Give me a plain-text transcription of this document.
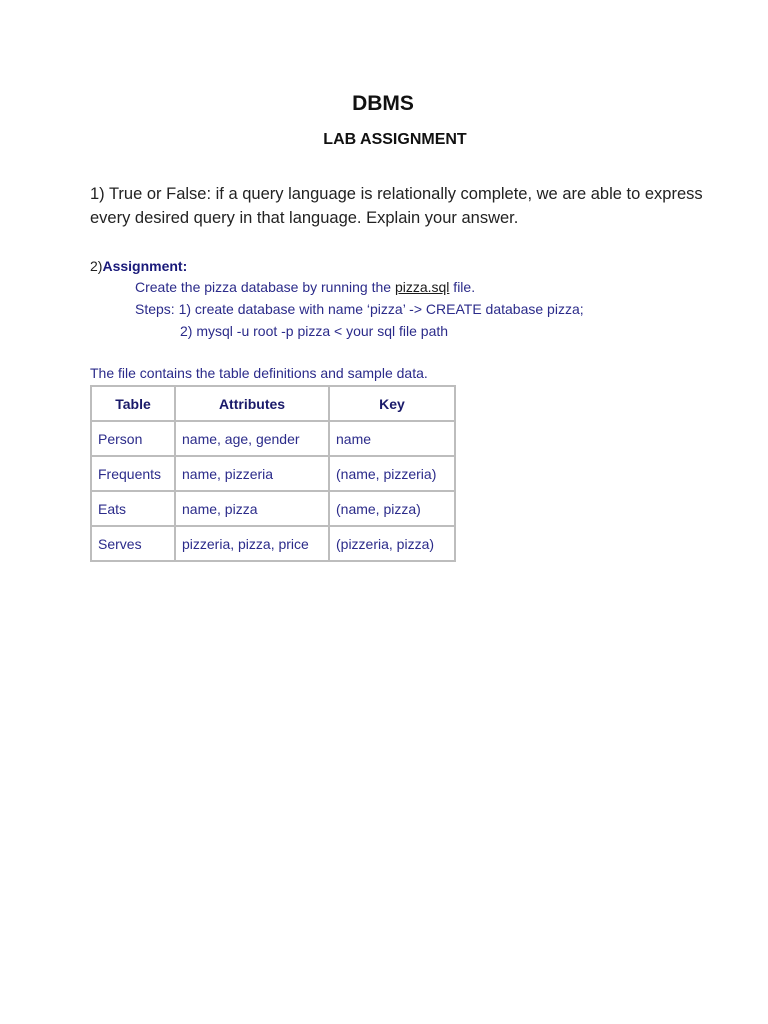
DBMS
LAB ASSIGNMENT
1) True or False: if a query language is relationally complete, we are able to express every desired query in that language. Explain your answer.
2)Assignment:
Create the pizza database by running the pizza.sql file.
Steps: 1) create database with name ‘pizza’ -> CREATE database pizza;
2) mysql -u root -p pizza < your sql file path
The file contains the table definitions and sample data.
Table	Attributes	Key
Person	name, age, gender	name
Frequents	name, pizzeria	(name, pizzeria)
Eats	name, pizza	(name, pizza)
Serves	pizzeria, pizza, price	(pizzeria, pizza)
